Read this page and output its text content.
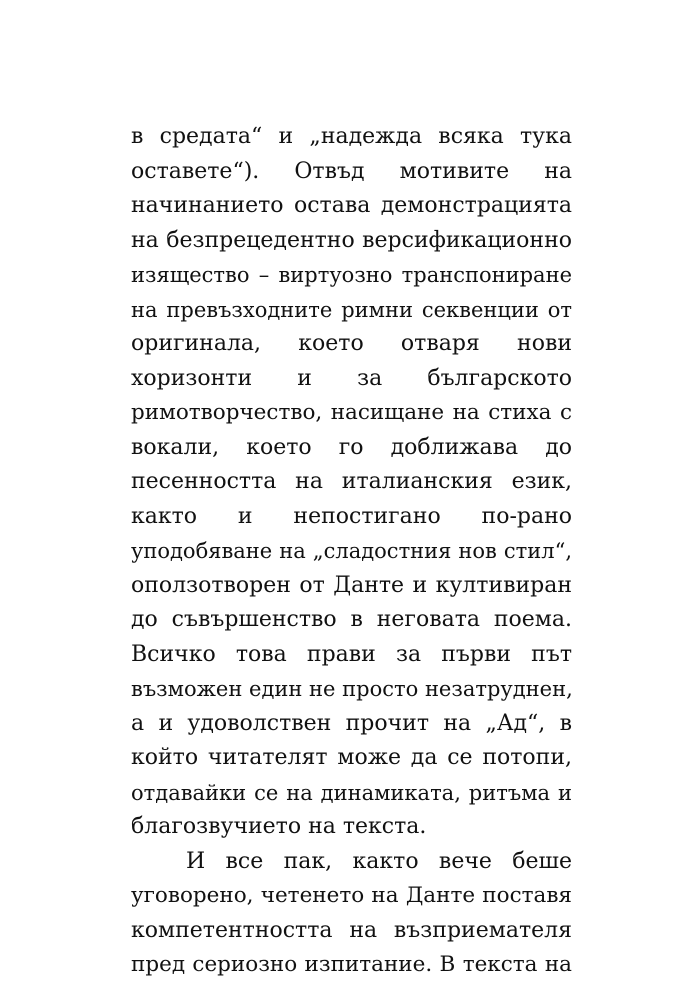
в средата“ и „надежда всяка тука
оставете“). Отвъд мотивите на
начинанието остава демонстрацията
на безпрецедентно версификационно
изящество – виртуозно транспониране
на превъзходните римни секвенции от
оригинала, което отваря нови
хоризонти и за българското
римотворчество, насищане на стиха с
вокали, което го доближава до
песенността на италианския език,
както и непостигано по-рано
уподобяване на „сладостния нов стил“,
оползотворен от Данте и култивиран
до съвършенство в неговата поема.
Всичко това прави за първи път
възможен един не просто незатруднен,
а и удоволствен прочит на „Ад“, в
който читателят може да се потопи,
отдавайки се на динамиката, ритъма и
благозвучието на текста.
И все пак, както вече беше
уговорено, четенето на Данте поставя
компетентността на възприемателя
пред сериозно изпитание. В текста на
